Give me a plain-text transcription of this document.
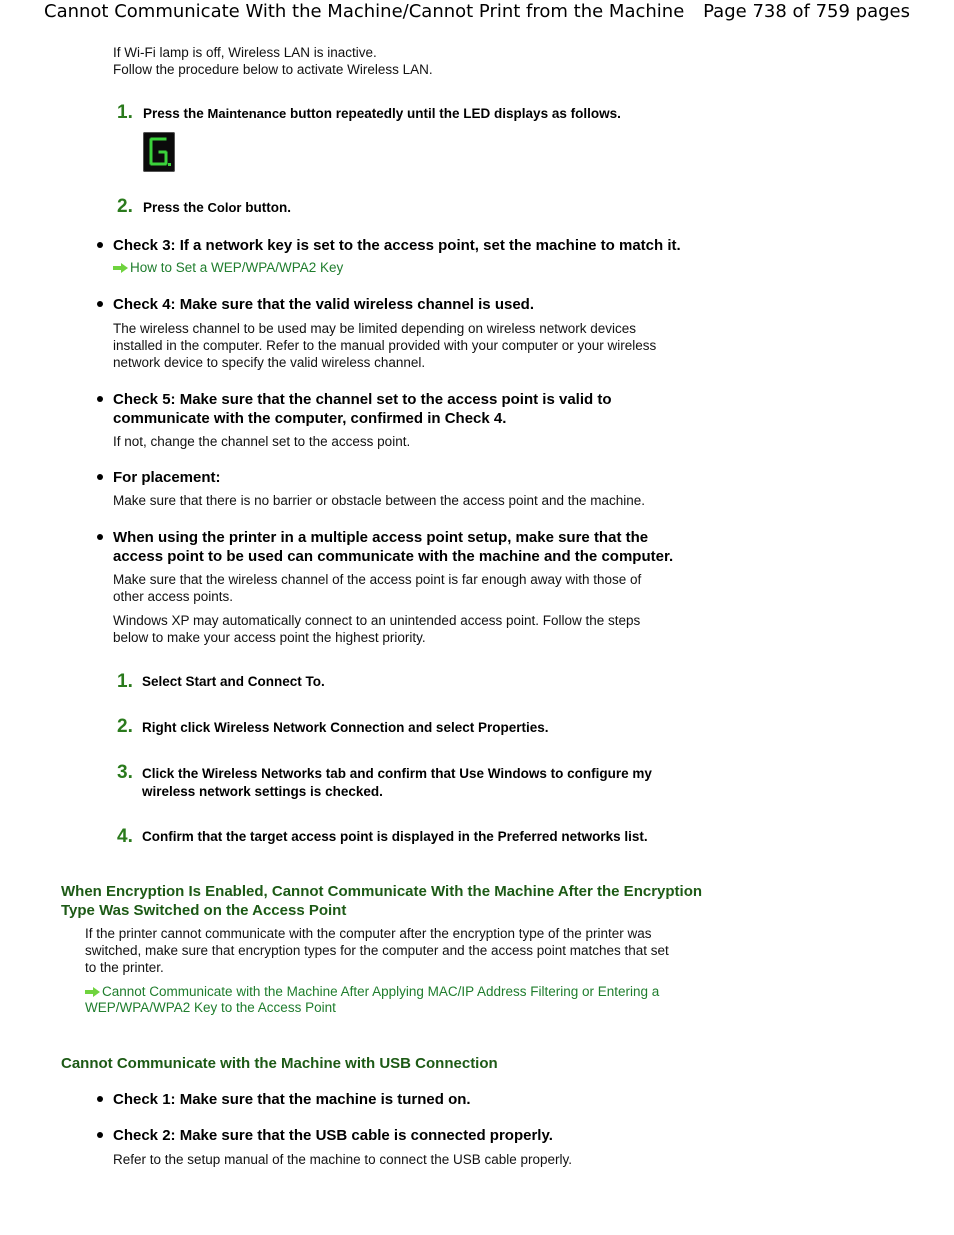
Cannot Communicate With the Machine/Cannot Print from the Machine Page 738 of 759 pages
If Wi-Fi lamp is off, Wireless LAN is inactive.
Follow the procedure below to activate Wireless LAN.
1. Press the Maintenance button repeatedly until the LED displays as follows.
2. Press the Color button.
Check 3: If a network key is set to the access point, set the machine to match it.
How to Set a WEP/WPA/WPA2 Key
Check 4: Make sure that the valid wireless channel is used.
The wireless channel to be used may be limited depending on wireless network devices
installed in the computer. Refer to the manual provided with your computer or your wireless
network device to specify the valid wireless channel.
Check 5: Make sure that the channel set to the access point is valid to
communicate with the computer, confirmed in Check 4.
If not, change the channel set to the access point.
For placement:
Make sure that there is no barrier or obstacle between the access point and the machine.
When using the printer in a multiple access point setup, make sure that the
access point to be used can communicate with the machine and the computer.
Make sure that the wireless channel of the access point is far enough away with those of
other access points.
Windows XP may automatically connect to an unintended access point. Follow the steps
below to make your access point the highest priority.
1. Select Start and Connect To.
2. Right click Wireless Network Connection and select Properties.
3. Click the Wireless Networks tab and confirm that Use Windows to configure my
wireless network settings is checked.
4. Confirm that the target access point is displayed in the Preferred networks list.
When Encryption Is Enabled, Cannot Communicate With the Machine After the Encryption
Type Was Switched on the Access Point
If the printer cannot communicate with the computer after the encryption type of the printer was
switched, make sure that encryption types for the computer and the access point matches that set
to the printer.
Cannot Communicate with the Machine After Applying MAC/IP Address Filtering or Entering a
WEP/WPA/WPA2 Key to the Access Point
Cannot Communicate with the Machine with USB Connection
Check 1: Make sure that the machine is turned on.
Check 2: Make sure that the USB cable is connected properly.
Refer to the setup manual of the machine to connect the USB cable properly.
